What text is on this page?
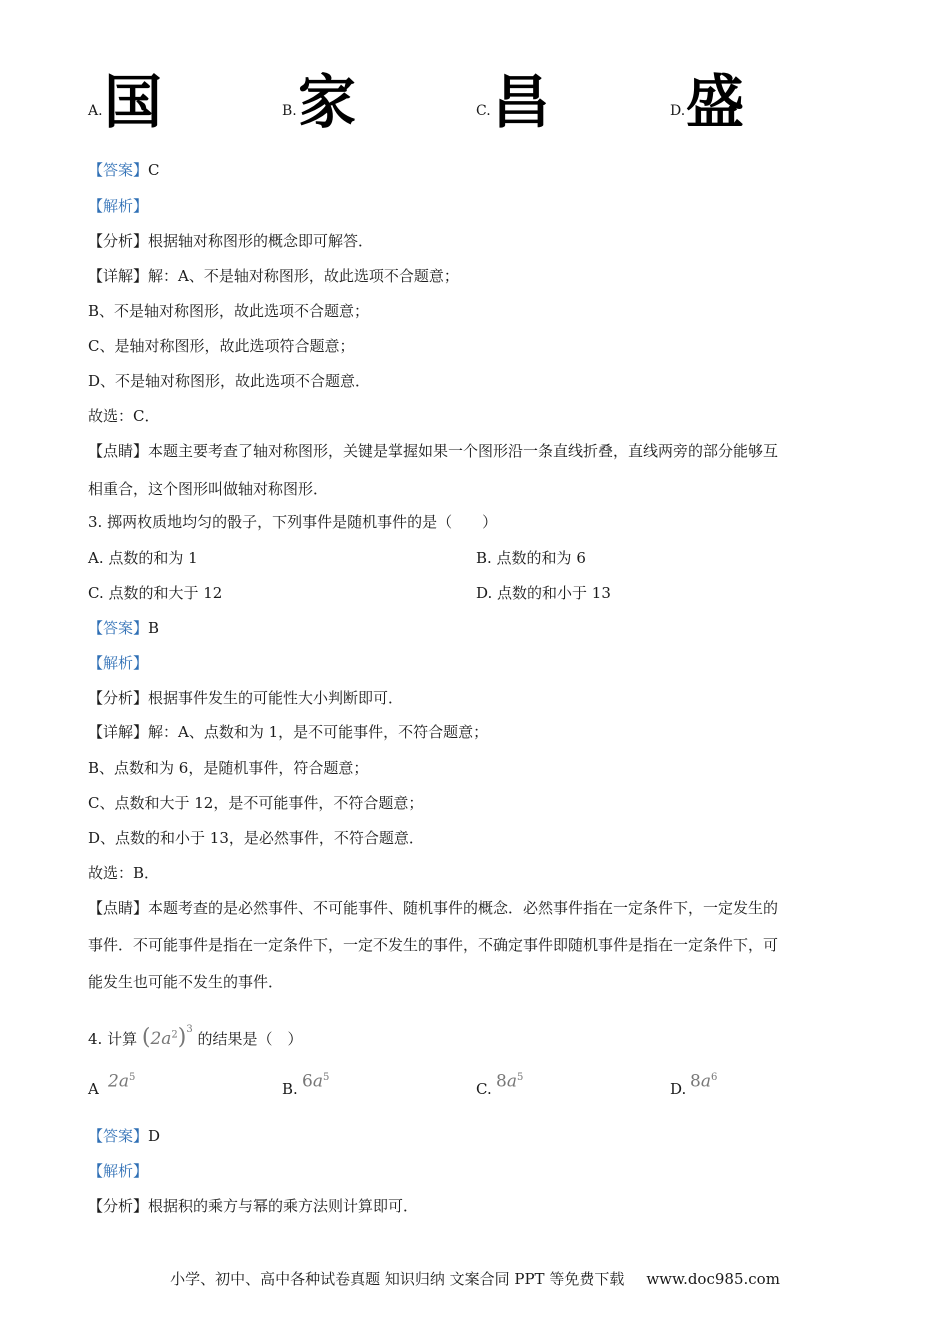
A. 国	B. 家	C. 昌	D. 盛
【答案】C
【解析】
【分析】根据轴对称图形的概念即可解答．
【详解】解：A、不是轴对称图形，故此选项不合题意；
B、不是轴对称图形，故此选项不合题意；
C、是轴对称图形，故此选项符合题意；
D、不是轴对称图形，故此选项不合题意．
故选：C．
【点睛】本题主要考查了轴对称图形，关键是掌握如果一个图形沿一条直线折叠，直线两旁的部分能够互
相重合，这个图形叫做轴对称图形．
3. 掷两枚质地均匀的骰子，下列事件是随机事件的是（　　）
A. 点数的和为 1	B. 点数的和为 6
C. 点数的和大于 12	D. 点数的和小于 13
【答案】B
【解析】
【分析】根据事件发生的可能性大小判断即可．
【详解】解：A、点数和为 1，是不可能事件，不符合题意；
B、点数和为 6，是随机事件，符合题意；
C、点数和大于 12，是不可能事件，不符合题意；
D、点数的和小于 13，是必然事件，不符合题意．
故选：B．
【点睛】本题考查的是必然事件、不可能事件、随机事件的概念．必然事件指在一定条件下，一定发生的
事件．不可能事件是指在一定条件下，一定不发生的事件，不确定事件即随机事件是指在一定条件下，可
能发生也可能不发生的事件．
4. 计算 $(2a^2)^3$ 的结果是（　）
A $2a^5$
B. $6a^5$
C. $8a^5$
D. $8a^6$
【答案】D
【解析】
【分析】根据积的乘方与幂的乘方法则计算即可．
小学、初中、高中各种试卷真题 知识归纳 文案合同 PPT 等免费下载 www.doc985.com
